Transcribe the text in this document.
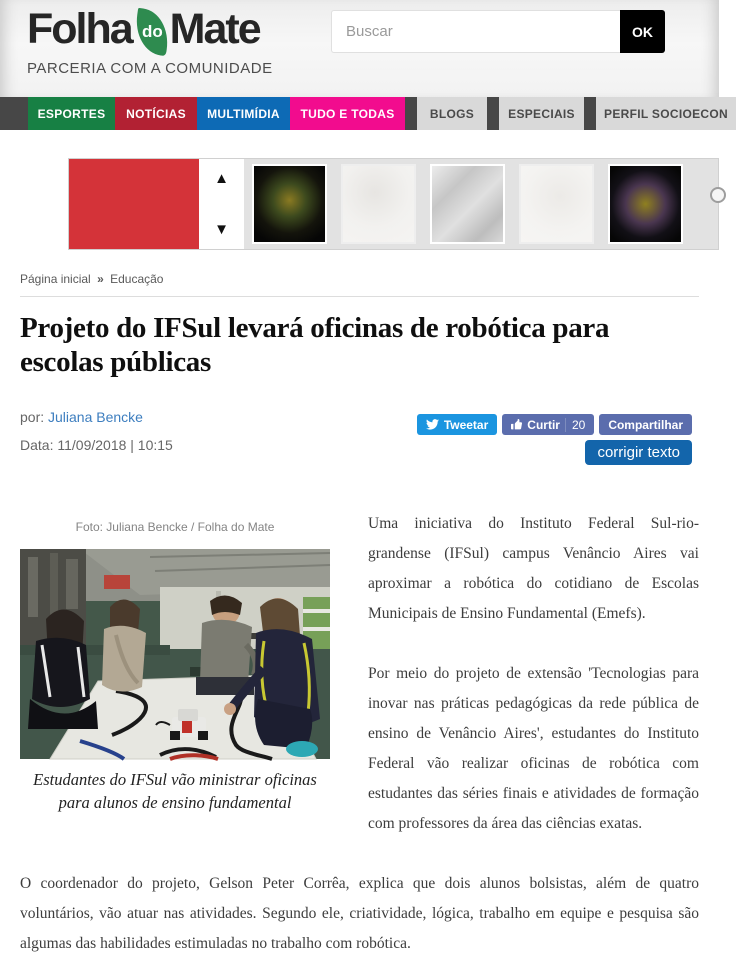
Folha do Mate
PARCERIA COM A COMUNIDADE
Buscar
OK
ESPORTES	NOTÍCIAS	MULTIMÍDIA	TUDO E TODAS	BLOGS	ESPECIAIS	PERFIL SOCIOECON
▲
▼
Página inicial » Educação
Projeto do IFSul levará oficinas de robótica para escolas públicas
por: Juliana Bencke
Data: 11/09/2018 | 10:15
Tweetar	Curtir	20	Compartilhar
corrigir texto
Foto: Juliana Bencke / Folha do Mate
Estudantes do IFSul vão ministrar oficinas para alunos de ensino fundamental

Uma iniciativa do Instituto Federal Sul-rio-grandense (IFSul) campus Venâncio Aires vai aproximar a robótica do cotidiano de Escolas Municipais de Ensino Fundamental (Emefs).

Por meio do projeto de extensão 'Tecnologias para inovar nas práticas pedagógicas da rede pública de ensino de Venâncio Aires', estudantes do Instituto Federal vão realizar oficinas de robótica com estudantes das séries finais e atividades de formação com professores da área das ciências exatas.

O coordenador do projeto, Gelson Peter Corrêa, explica que dois alunos bolsistas, além de quatro voluntários, vão atuar nas atividades. Segundo ele, criatividade, lógica, trabalho em equipe e pesquisa são algumas das habilidades estimuladas no trabalho com robótica.
